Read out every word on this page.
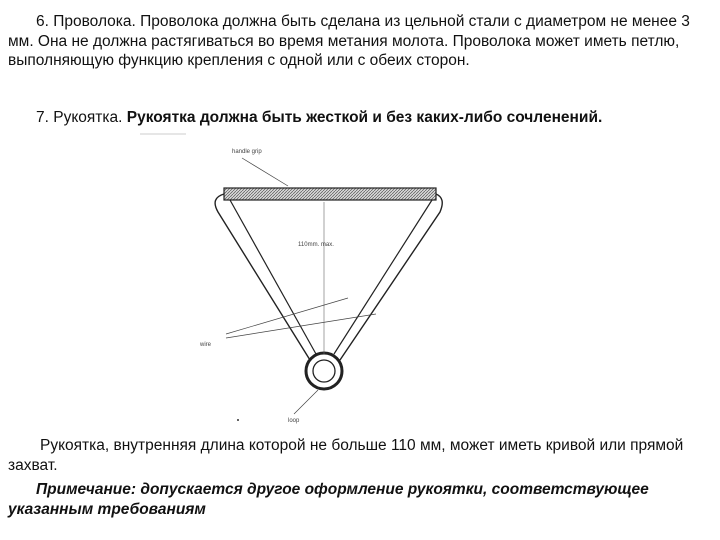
6. Проволока. Проволока должна быть сделана из цельной стали с диаметром не менее 3 мм. Она не должна растягиваться во время метания молота. Проволока может иметь петлю, выполняющую функцию крепления с одной или с обеих сторон.

7. Рукоятка. Рукоятка должна быть жесткой и без каких-либо сочленений.

110mm. max.
handle grip
wire
loop

Рукоятка, внутренняя длина которой не больше 110 мм, может иметь кривой или прямой захват.

Примечание: допускается другое оформление рукоятки, соответствующее указанным требованиям
